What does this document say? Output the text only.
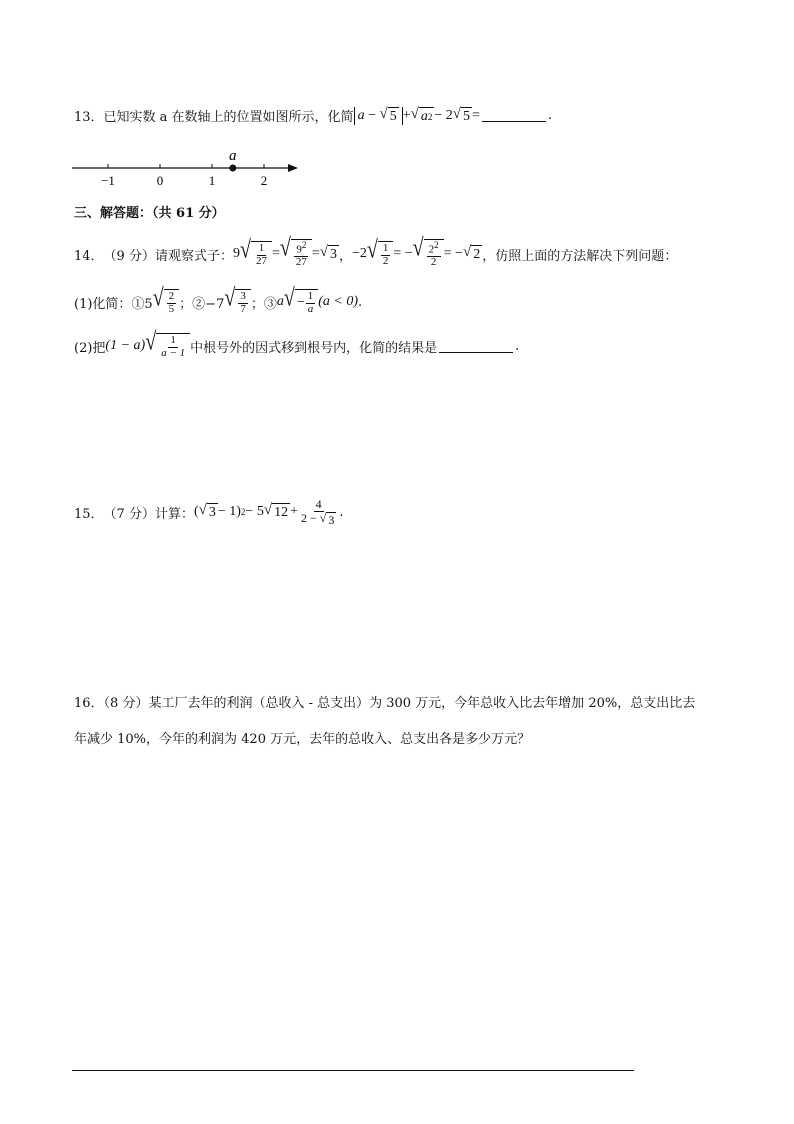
13． 已知实数 a 在数轴上的位置如图所示，化简 a − √ 5 + √ a 2 − 2 √ 5 =	.
−1	0	1	2
a
三、解答题：（共 61 分）
14． （9 分）请观察式子： 9 √ $\frac{1}{27}$ = √ $\frac{9^2}{27}$ = √ 3 ， −2 √ $\frac{1}{2}$ = − √ $\frac{2^2}{2}$ = − √ 2 ，仿照上面的方法解决下列问题：
(1)化简：①5 √ $\frac{2}{5}$ ；②−7 √ $\frac{3}{7}$ ；③ a √ − $\frac{1}{a} (a < 0)$ .
(2)把 (1 − a) √ $\frac{1}{a - 1}$ 中根号外的因式移到根号内，化简的结果是	.
15． （7 分）计算： ( √ 3 − 1) 2 − 5 √ $12 + \frac{4}{2 - √ 3}$ .
16．（8 分）某工厂去年的利润（总收入 - 总支出）为 300 万元，今年总收入比去年增加 20%，总支出比去
年减少 10%，今年的利润为 420 万元，去年的总收入、总支出各是多少万元？
